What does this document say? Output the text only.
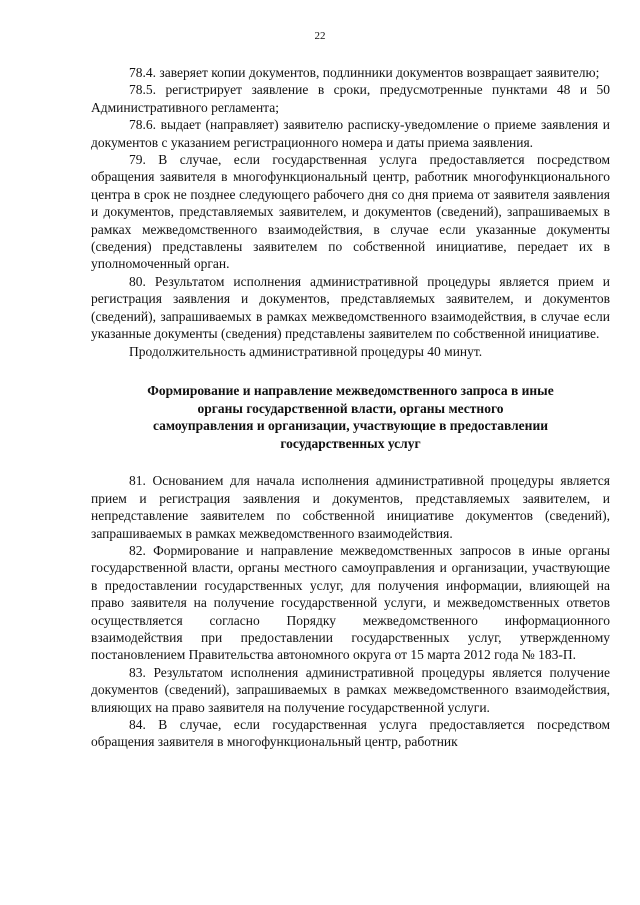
22

78.4. заверяет копии документов, подлинники документов возвращает заявителю;

78.5. регистрирует заявление в сроки, предусмотренные пунктами 48 и 50 Административного регламента;

78.6. выдает (направляет) заявителю расписку-уведомление о приеме заявления и документов с указанием регистрационного номера и даты приема заявления.

79. В случае, если государственная услуга предоставляется посредством обращения заявителя в многофункциональный центр, работник многофункционального центра в срок не позднее следующего рабочего дня со дня приема от заявителя заявления и документов, представляемых заявителем, и документов (сведений), запрашиваемых в рамках межведомственного взаимодействия, в случае если указанные документы (сведения) представлены заявителем по собственной инициативе, передает их в уполномоченный орган.

80. Результатом исполнения административной процедуры является прием и регистрация заявления и документов, представляемых заявителем, и документов (сведений), запрашиваемых в рамках межведомственного взаимодействия, в случае если указанные документы (сведения) представлены заявителем по собственной инициативе.

Продолжительность административной процедуры 40 минут.

Формирование и направление межведомственного запроса в иные
органы государственной власти, органы местного
самоуправления и организации, участвующие в предоставлении
государственных услуг

81. Основанием для начала исполнения административной процедуры является прием и регистрация заявления и документов, представляемых заявителем, и непредставление заявителем по собственной инициативе документов (сведений), запрашиваемых в рамках межведомственного взаимодействия.

82. Формирование и направление межведомственных запросов в иные органы государственной власти, органы местного самоуправления и организации, участвующие в предоставлении государственных услуг, для получения информации, влияющей на право заявителя на получение государственной услуги, и межведомственных ответов осуществляется согласно Порядку межведомственного информационного взаимодействия при предоставлении государственных услуг, утвержденному постановлением Правительства автономного округа от 15 марта 2012 года № 183-П.

83. Результатом исполнения административной процедуры является получение документов (сведений), запрашиваемых в рамках межведомственного взаимодействия, влияющих на право заявителя на получение государственной услуги.

84. В случае, если государственная услуга предоставляется посредством обращения заявителя в многофункциональный центр, работник
